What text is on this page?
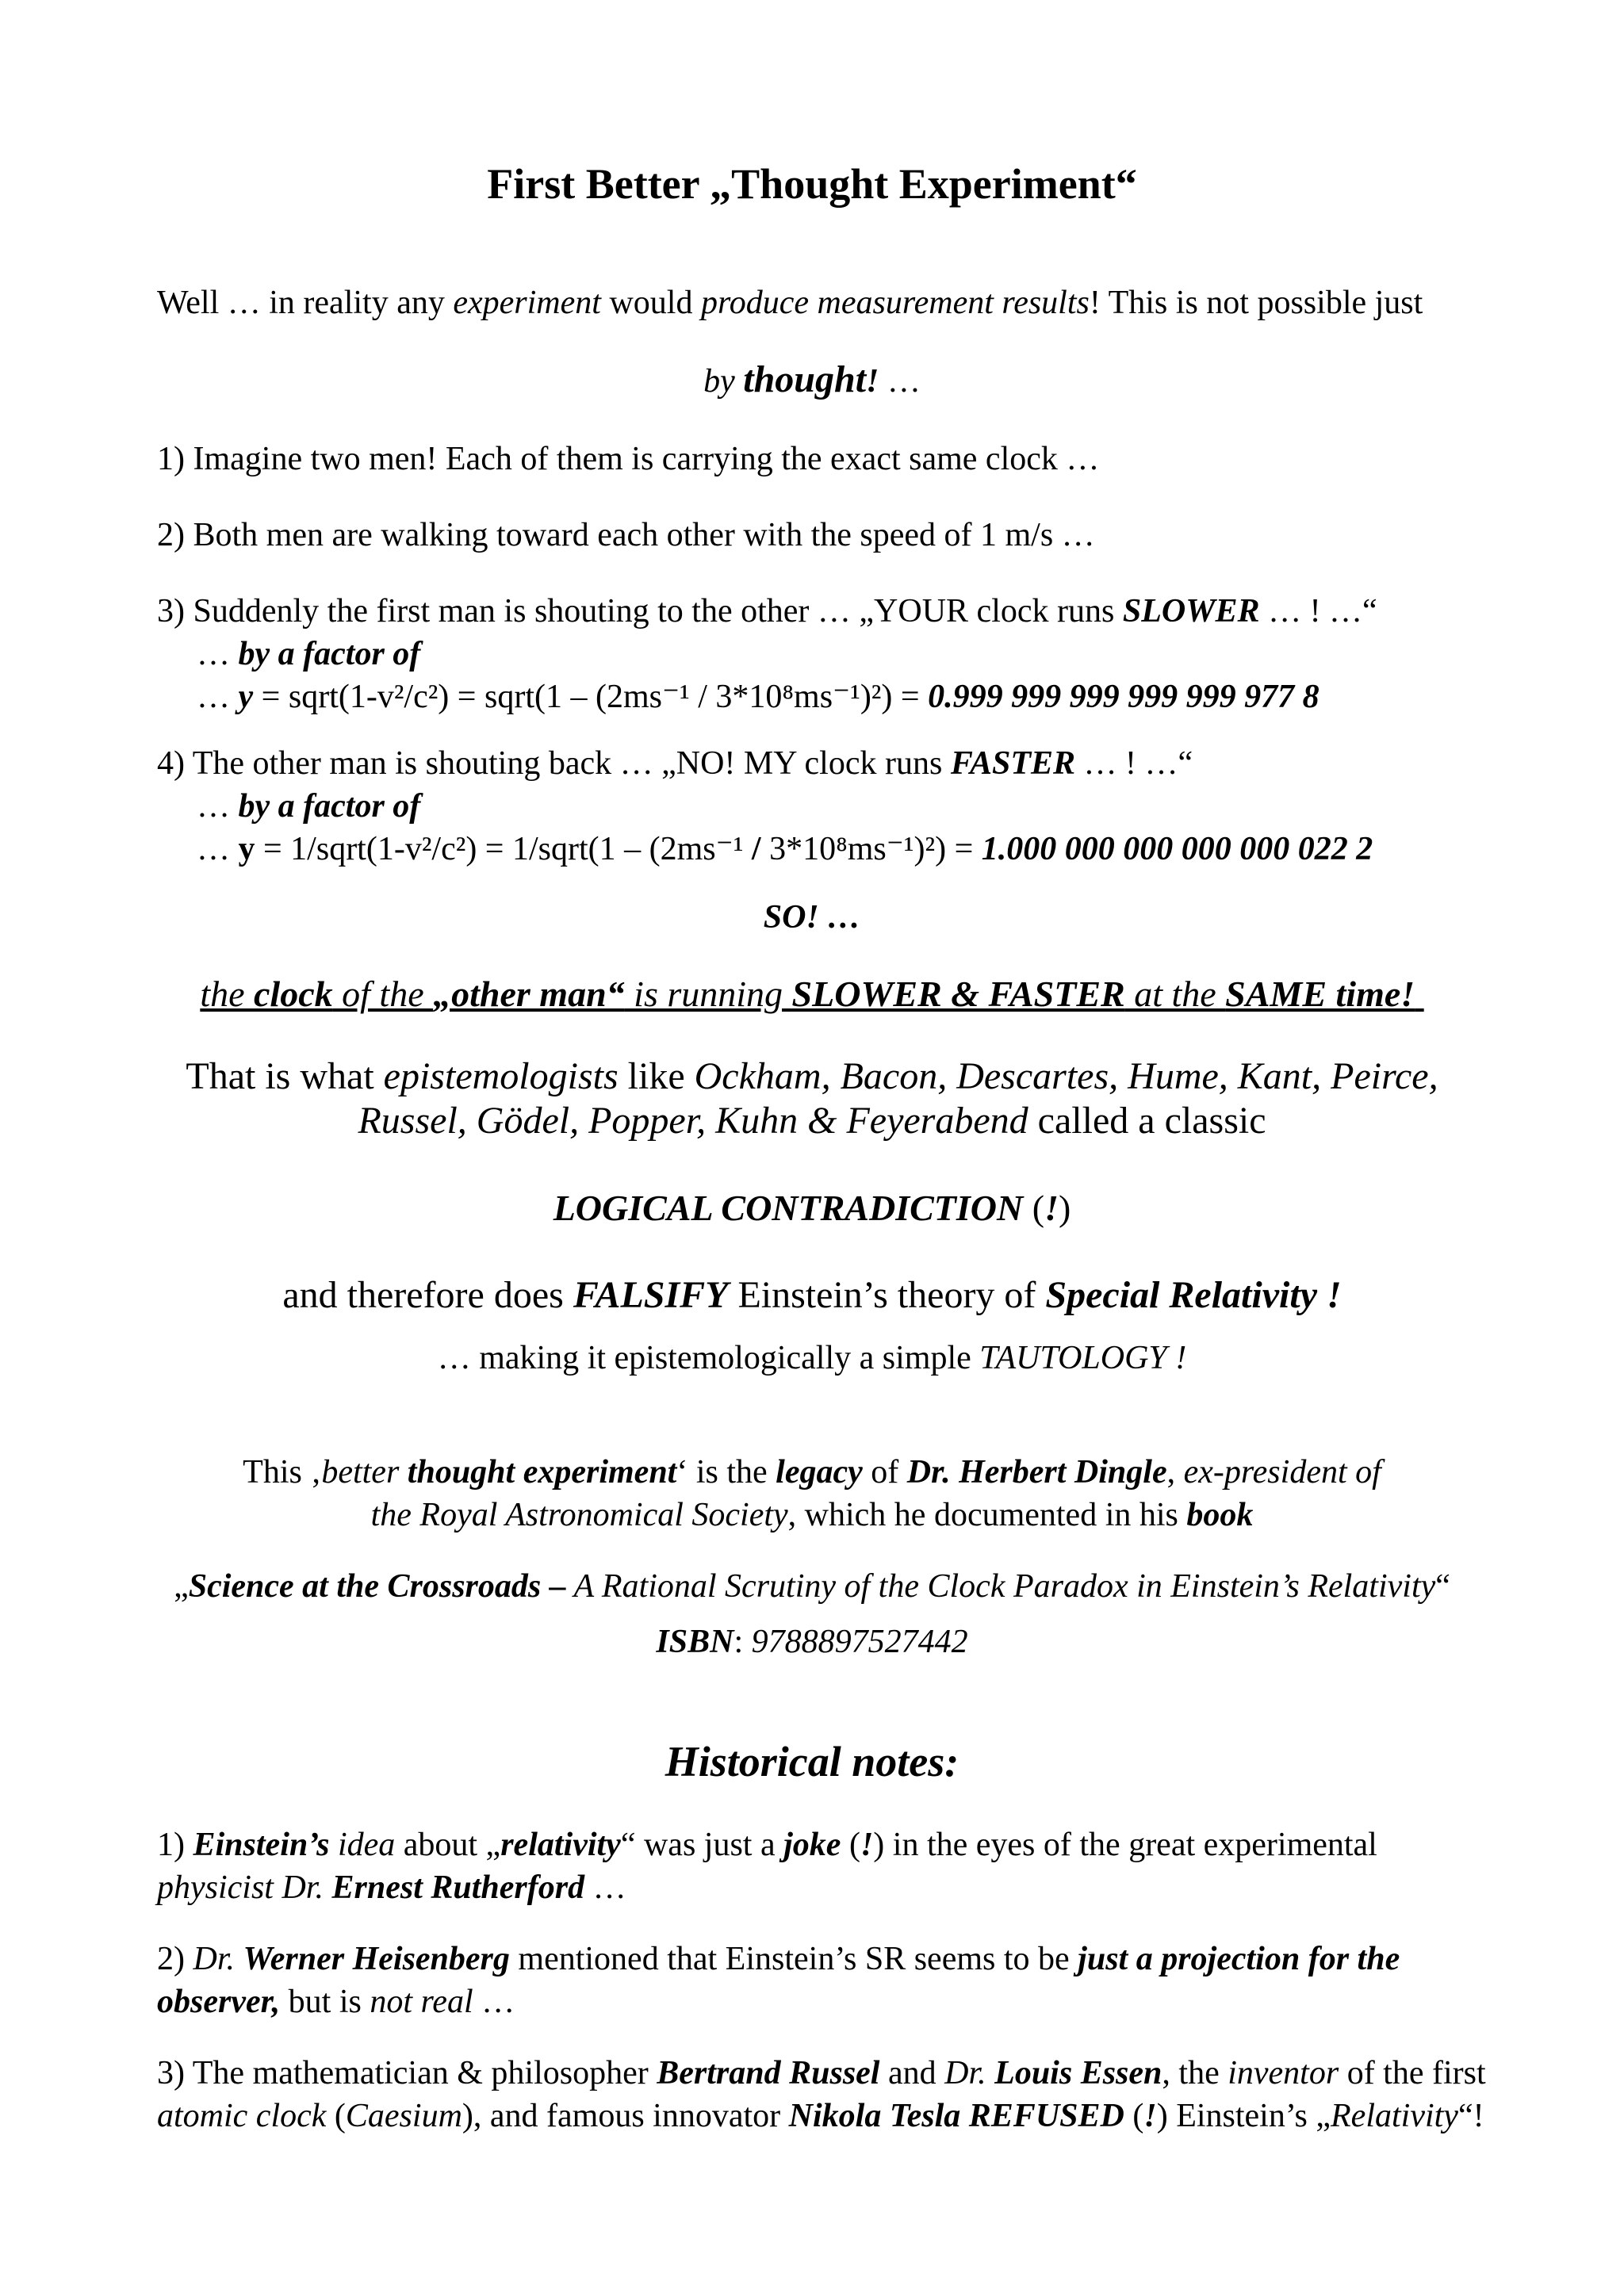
First Better „Thought Experiment“

Well … in reality any experiment would produce measurement results! This is not possible just

by thought! …

1) Imagine two men! Each of them is carrying the exact same clock …

2) Both men are walking toward each other with the speed of 1 m/s …

3) Suddenly the first man is shouting to the other … „YOUR clock runs SLOWER … ! …“
… by a factor of
… y = sqrt(1-v²/c²) = sqrt(1 – (2ms⁻¹ / 3*10⁸ms⁻¹)²) = 0.999 999 999 999 999 977 8
4) The other man is shouting back … „NO! MY clock runs FASTER … ! …“
… by a factor of
… y = 1/sqrt(1-v²/c²) = 1/sqrt(1 – (2ms⁻¹ / 3*10⁸ms⁻¹)²) = 1.000 000 000 000 000 022 2

SO! …

the clock of the „other man“ is running SLOWER & FASTER at the SAME time!

That is what epistemologists like Ockham, Bacon, Descartes, Hume, Kant, Peirce,
Russel, Gödel, Popper, Kuhn & Feyerabend called a classic

LOGICAL CONTRADICTION (!)

and therefore does FALSIFY Einstein’s theory of Special Relativity !

… making it epistemologically a simple TAUTOLOGY !

This ‚better thought experiment‘ is the legacy of Dr. Herbert Dingle, ex-president of
the Royal Astronomical Society, which he documented in his book

„Science at the Crossroads – A Rational Scrutiny of the Clock Paradox in Einstein’s Relativity“

ISBN: 9788897527442

Historical notes:

1) Einstein’s idea about „relativity“ was just a joke (!) in the eyes of the great experimental
physicist Dr. Ernest Rutherford …
2) Dr. Werner Heisenberg mentioned that Einstein’s SR seems to be just a projection for the
observer, but is not real …
3) The mathematician & philosopher Bertrand Russel and Dr. Louis Essen, the inventor of the first
atomic clock (Caesium), and famous innovator Nikola Tesla REFUSED (!) Einstein’s „Relativity“!
